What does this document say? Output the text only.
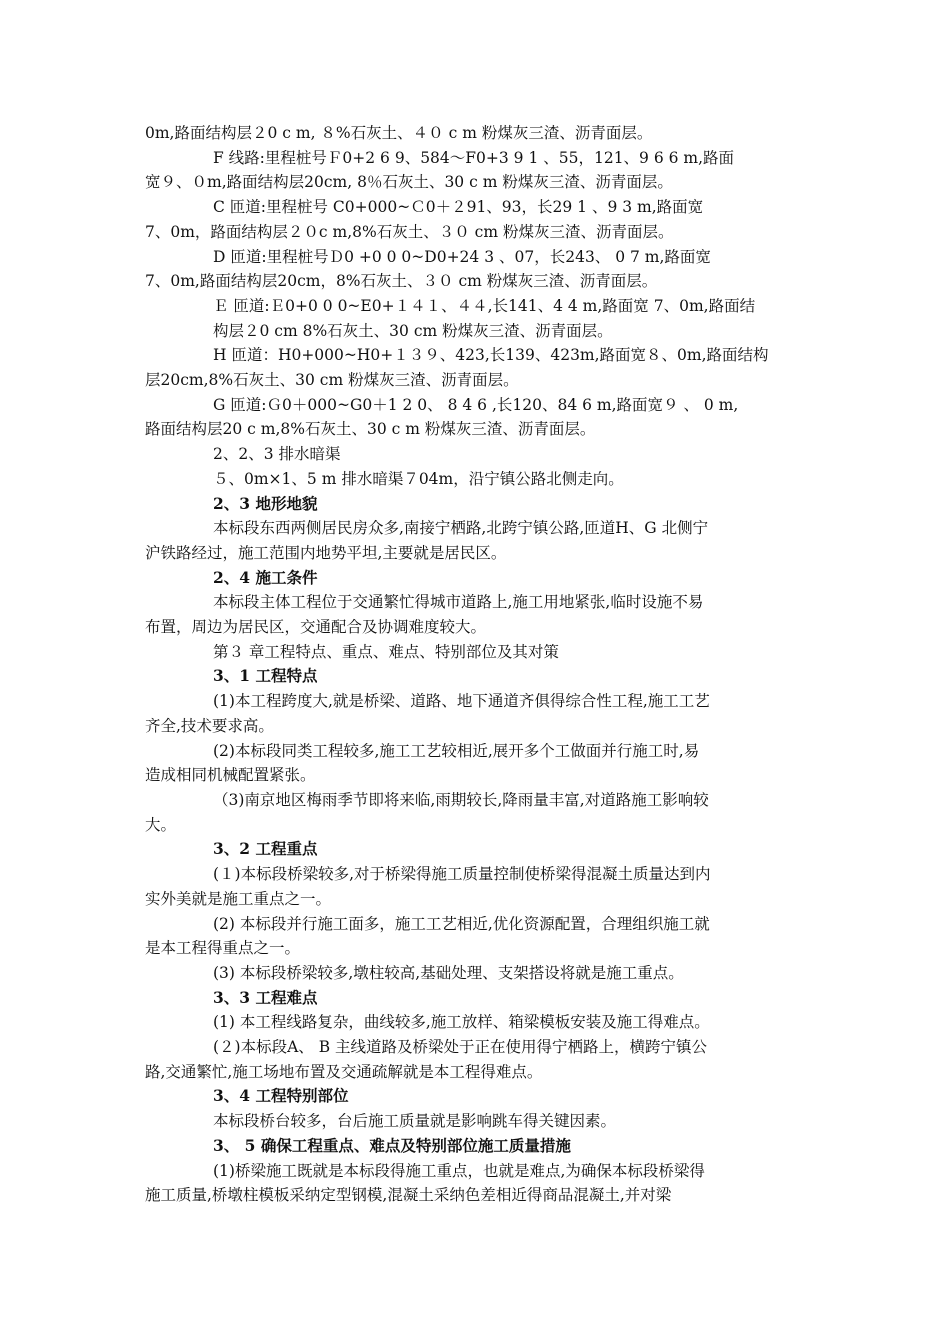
0m,路面结构层２0 c m, ８%石灰土、４０ c m 粉煤灰三渣、沥青面层。

F 线路:里程桩号Ｆ0+2 6 9、584～F0+3 9 1 、55，121、9 6 6 m,路面

宽９、０m,路面结构层20cm, 8％石灰土、30 c m 粉煤灰三渣、沥青面层。

C 匝道:里程桩号 C0+000~Ｃ0＋２91、93，长29 1 、9 3 m,路面宽

7、0m，路面结构层２０c m,8%石灰土、３０ cm 粉煤灰三渣、沥青面层。

D 匝道:里程桩号Ｄ0 +0 0 0~D0+24 3 、07，长243、 0 7 m,路面宽

7、0m,路面结构层20cm，8%石灰土、３０ cm 粉煤灰三渣、沥青面层。

Ｅ 匝道:Ｅ0+0 0 0~E0+１４１、４４,长141、4 4 m,路面宽 7、0m,路面结

构层２0 cm 8%石灰土、30 cm 粉煤灰三渣、沥青面层。

H 匝道：H0+000~H0+１３９、423,长139、423m,路面宽８、0m,路面结构

层20cm,8%石灰土、30 cm 粉煤灰三渣、沥青面层。

G 匝道:Ｇ0＋000~G0＋1 2 0、 8 4 6 ,长120、84 6 m,路面宽９ 、 0 m,

路面结构层20 c m,8%石灰土、30 c m 粉煤灰三渣、沥青面层。

2、2、3 排水暗渠

５、0m×1、5 m 排水暗渠７04m，沿宁镇公路北侧走向。

2、3 地形地貌

本标段东西两侧居民房众多,南接宁栖路,北跨宁镇公路,匝道H、G 北侧宁

沪铁路经过，施工范围内地势平坦,主要就是居民区。

2、4 施工条件

本标段主体工程位于交通繁忙得城市道路上,施工用地紧张,临时设施不易

布置，周边为居民区，交通配合及协调难度较大。

第３ 章工程特点、重点、难点、特别部位及其对策

3、1 工程特点

(1)本工程跨度大,就是桥梁、道路、地下通道齐俱得综合性工程,施工工艺

齐全,技术要求高。

(2)本标段同类工程较多,施工工艺较相近,展开多个工做面并行施工时,易

造成相同机械配置紧张。

（3)南京地区梅雨季节即将来临,雨期较长,降雨量丰富,对道路施工影响较

大。

3、2 工程重点

(１)本标段桥梁较多,对于桥梁得施工质量控制使桥梁得混凝土质量达到内

实外美就是施工重点之一。

(2) 本标段并行施工面多，施工工艺相近,优化资源配置，合理组织施工就

是本工程得重点之一。

(3) 本标段桥梁较多,墩柱较高,基础处理、支架搭设将就是施工重点。

3、3 工程难点

(1) 本工程线路复杂，曲线较多,施工放样、箱梁模板安装及施工得难点。

(２)本标段A、 B 主线道路及桥梁处于正在使用得宁栖路上，横跨宁镇公

路,交通繁忙,施工场地布置及交通疏解就是本工程得难点。

3、4 工程特别部位

本标段桥台较多，台后施工质量就是影响跳车得关键因素。

3、 5 确保工程重点、难点及特别部位施工质量措施

(1)桥梁施工既就是本标段得施工重点，也就是难点,为确保本标段桥梁得

施工质量,桥墩柱模板采纳定型钢模,混凝土采纳色差相近得商品混凝土,并对梁
